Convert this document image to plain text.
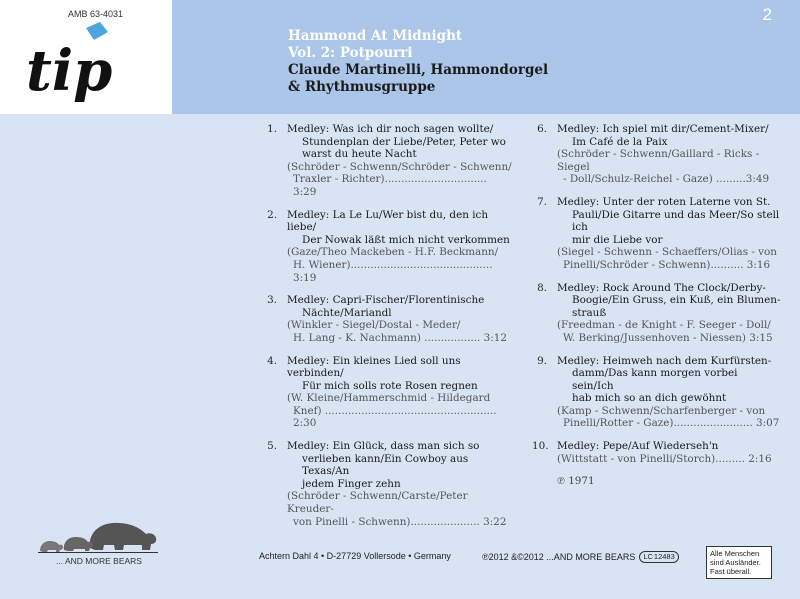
AMB 63-4031
tip
2
Hammond At Midnight
Vol. 2: Potpourri
Claude Martinelli, Hammondorgel
& Rhythmusgruppe
1. Medley: Was ich dir noch sagen wollte/

Stundenplan der Liebe/Peter, Peter wo
warst du heute Nacht
(Schröder - Schwenn/Schröder - Schwenn/

Traxler - Richter)............................... 3:29
2. Medley: La Le Lu/Wer bist du, den ich liebe/

Der Nowak läßt mich nicht verkommen
(Gaze/Theo Mackeben - H.F. Beckmann/

H. Wiener)........................................... 3:19
3. Medley: Capri-Fischer/Florentinische

Nächte/Mariandl
(Winkler - Siegel/Dostal - Meder/

H. Lang - K. Nachmann) ................. 3:12
4. Medley: Ein kleines Lied soll uns verbinden/

Für mich solls rote Rosen regnen
(W. Kleine/Hammerschmid - Hildegard

Knef) .................................................... 2:30
5. Medley: Ein Glück, dass man sich so

verlieben kann/Ein Cowboy aus Texas/An
jedem Finger zehn
(Schröder - Schwenn/Carste/Peter Kreuder-

von Pinelli - Schwenn)..................... 3:22
6. Medley: Ich spiel mit dir/Cement-Mixer/

Im Café de la Paix
(Schröder - Schwenn/Gaillard - Ricks - Siegel

- Doll/Schulz-Reichel - Gaze) .........3:49
7. Medley: Unter der roten Laterne von St.

Pauli/Die Gitarre und das Meer/So stell ich
mir die Liebe vor
(Siegel - Schwenn - Schaeffers/Olias - von

Pinelli/Schröder - Schwenn).......... 3:16
8. Medley: Rock Around The Clock/Derby-

Boogie/Ein Gruss, ein Kuß, ein Blumen-
strauß
(Freedman - de Knight - F. Seeger - Doll/

W. Berking/Jussenhoven - Niessen) 3:15
9. Medley: Heimweh nach dem Kurfürsten-

damm/Das kann morgen vorbei sein/Ich
hab mich so an dich gewöhnt
(Kamp - Schwenn/Scharfenberger - von

Pinelli/Rotter - Gaze)........................ 3:07
10. Medley: Pepe/Auf Wiederseh'n
(Wittstatt - von Pinelli/Storch)......... 2:16
℗ 1971
... AND MORE BEARS	Achtern Dahl 4 • D-27729 Vollersode • Germany	℗2012 &©2012 ...AND MORE BEARS LC 12483	Alle Menschen
sind Ausländer.
Fast überall.
